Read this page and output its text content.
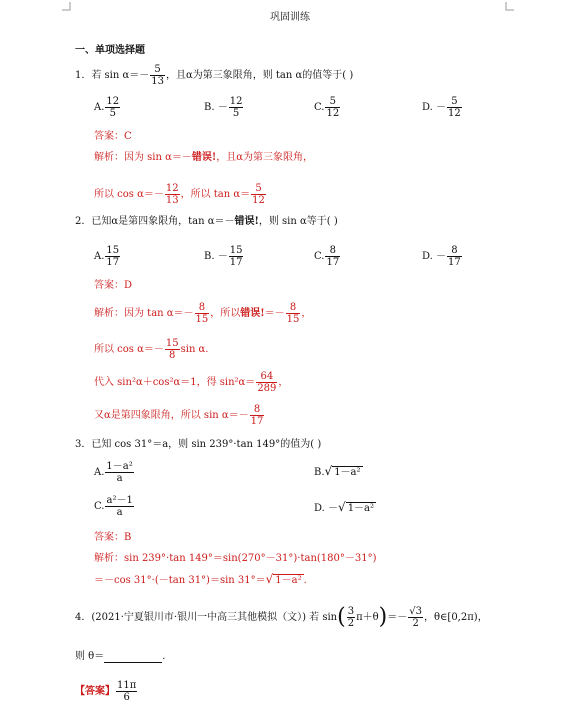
巩固训练
一、单项选择题
1．若 $\sin \alpha=- \frac{5}{13}$ ，且α为第三象限角，则 tan α的值等于( )
A. $\frac{12}{5}$	B. － $\frac{12}{5}$	C. $\frac{5}{12}$	D. － $\frac{5}{12}$
答案：C
解析：因为 sin α＝－错误!，且α为第三象限角，
所以 $\cos \alpha=- \frac{12}{13}$ ，所以 $\tan \alpha= \frac{5}{12}$
2．已知α是第四象限角，tan α＝－错误!，则 sin α等于( )
A. $\frac{15}{17}$	B. － $\frac{15}{17}$	C. $\frac{8}{17}$	D. － $\frac{8}{17}$
答案：D
解析：因为 $\tan \alpha=- \frac{8}{15}$ ，所以错误!＝－ $\frac{8}{15}$ ，
所以 $\cos \alpha=- \frac{15}{8}$ sin α.
代入 sin²α＋cos²α＝1，得 $\sin^2\alpha= \frac{64}{289}$ ，
又α是第四象限角，所以 $\sin \alpha=- \frac{8}{17}$
3．已知 cos 31°＝a，则 sin 239°·tan 149°的值为( )
A. $\frac{\text{1－a²}}{a}$	B.√ 1－a²
C. $\frac{\text{a²－1}}{a}$	D. －√ 1－a²
答案：B
解析：sin 239°·tan 149°＝sin(270°－31°)·tan(180°－31°)
＝－cos 31°·(－tan 31°)＝sin 31°＝√ 1－a² .
4．(2021·宁夏银川市·银川一中高三其他模拟（文）) 若 $\sin( \frac{3}{2} \pi+\theta)=- \frac{√3}{2}$ ，θ∈[0,2π)，
则 θ＝	.
【答案】 $\frac{11\pi}{6}$
